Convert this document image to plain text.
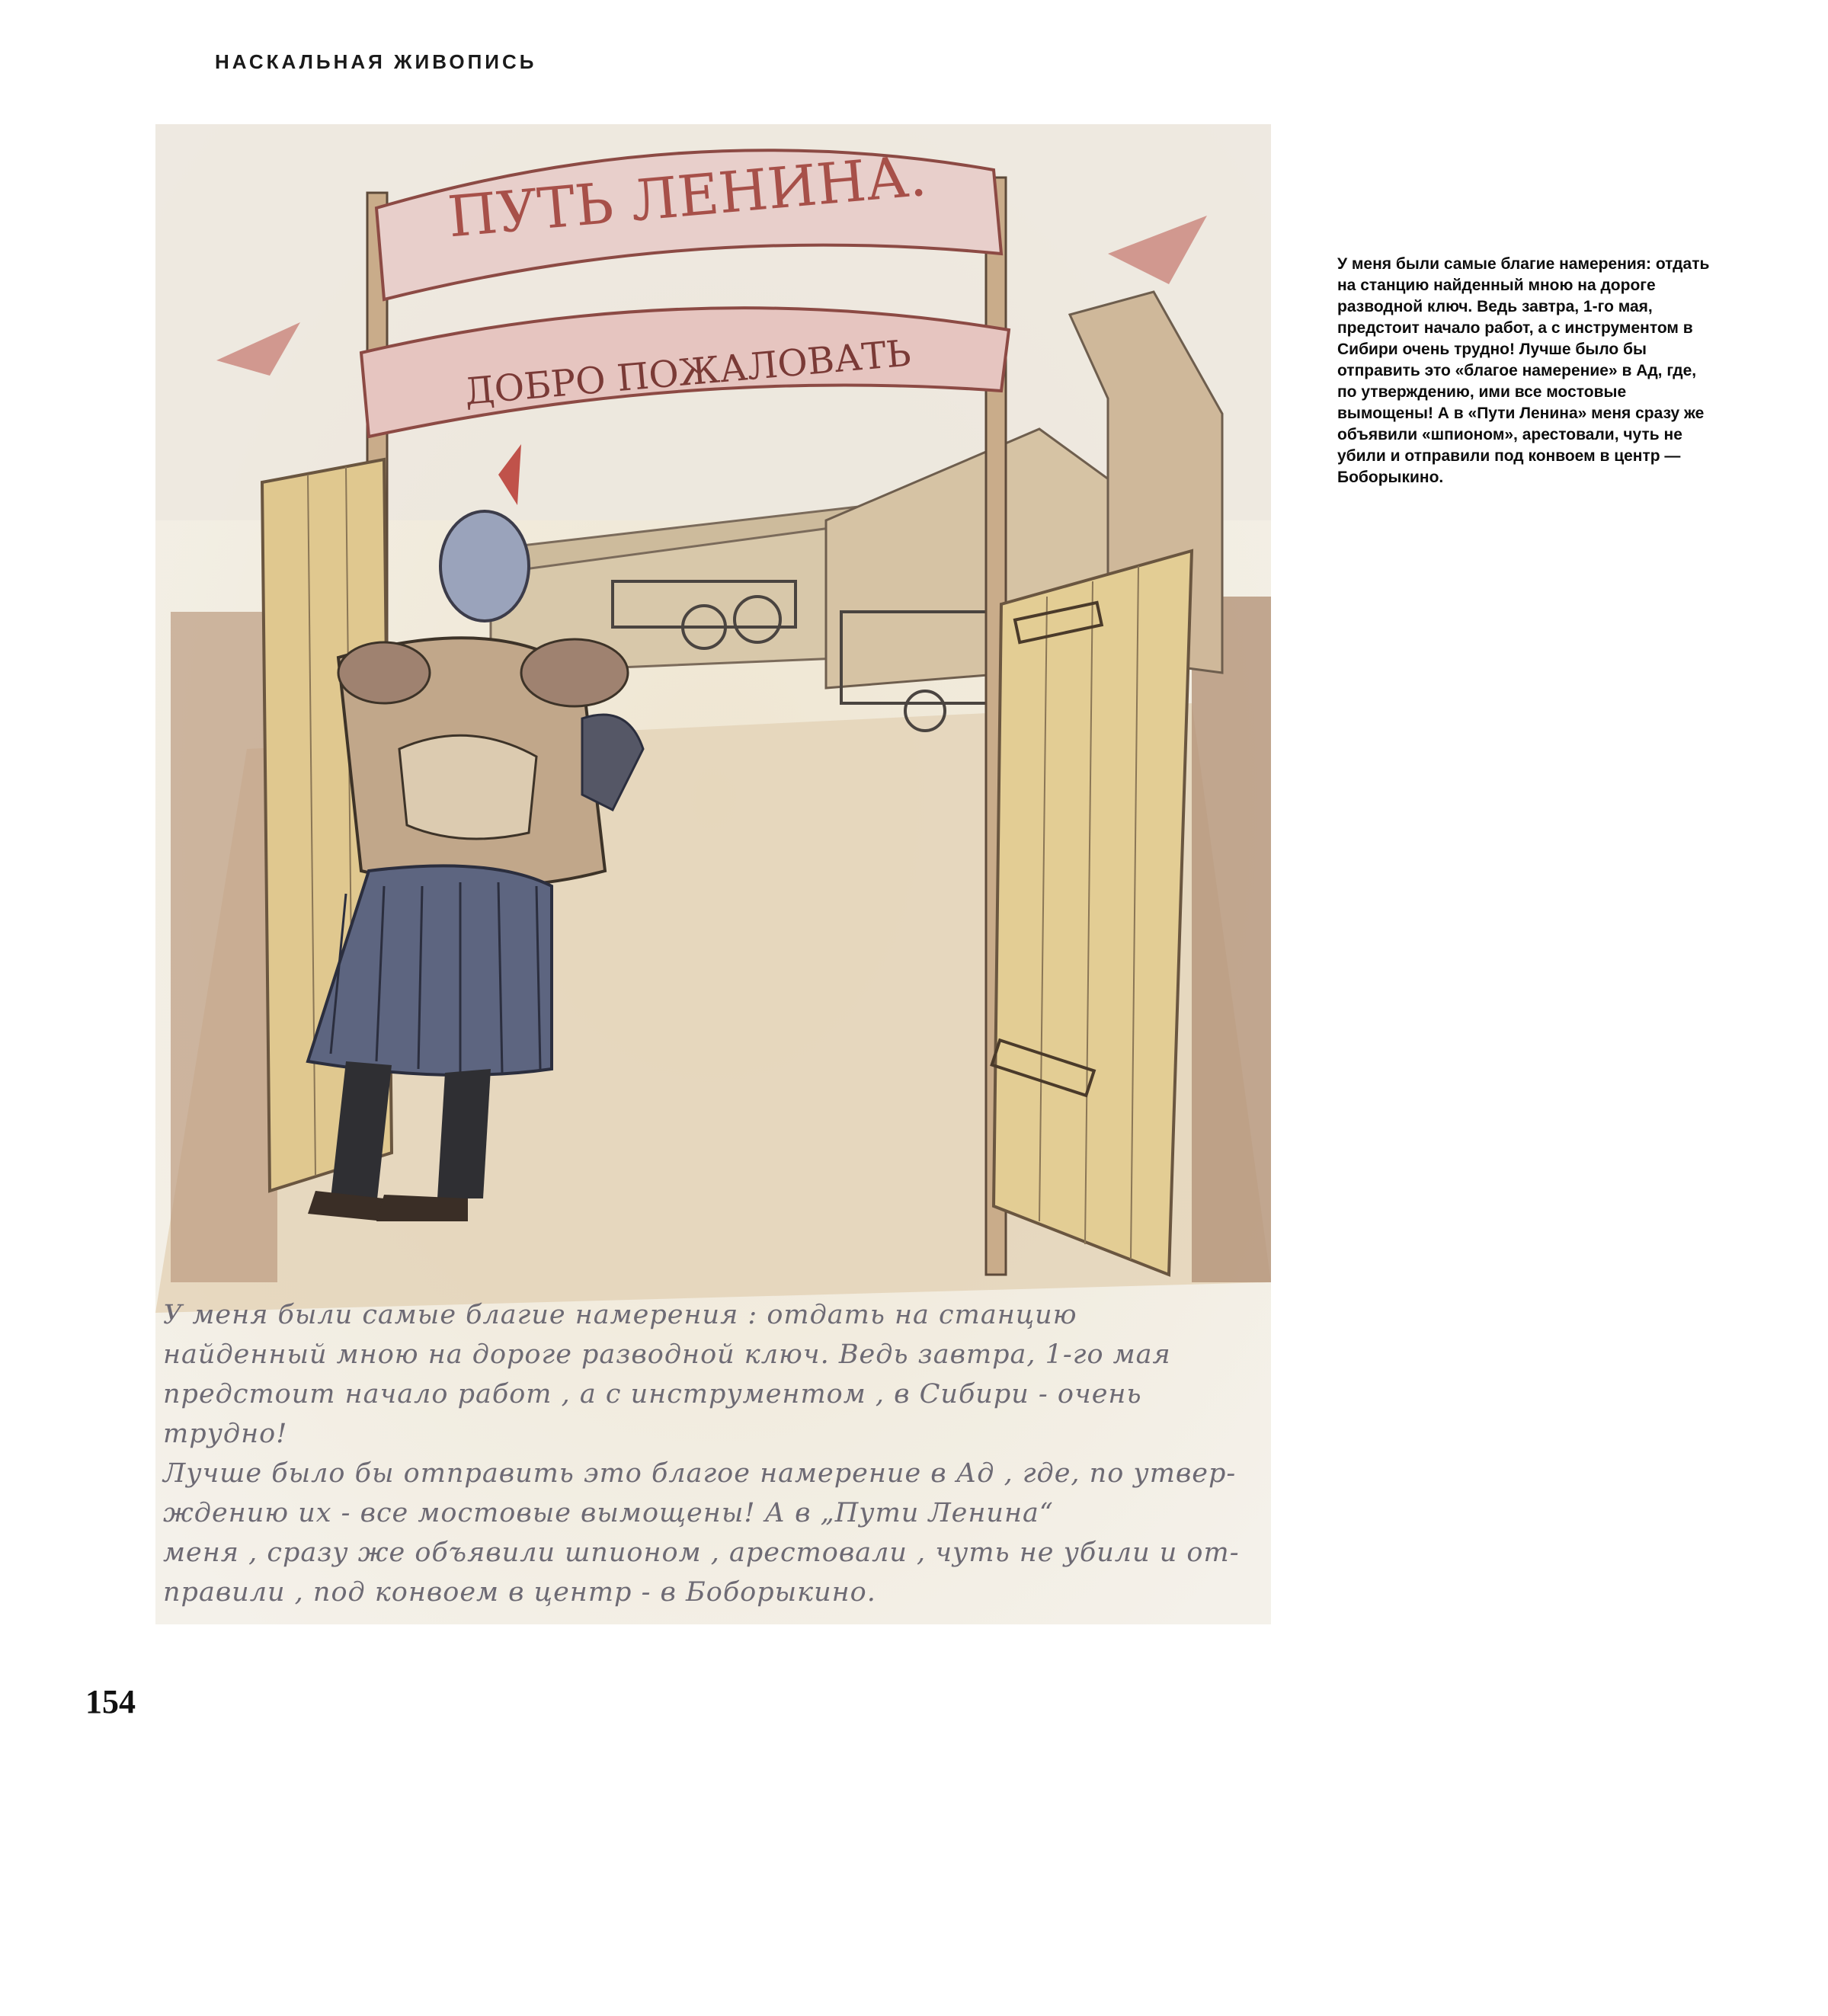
НАСКАЛЬНАЯ ЖИВОПИСЬ
ПУТЬ ЛЕНИНА.
ДОБРО ПОЖАЛОВАТЬ

У меня были самые благие намерения : отдать на станцию
найденный мною на дороге разводной ключ. Ведь завтра, 1-го мая
предстоит начало работ , а с инструментом , в Сибири - очень трудно!
Лучше было бы отправить это благое намерение в Ад , где, по утвер-
ждению их - все мостовые вымощены! А в „Пути Ленина“
меня , сразу же объявили шпионом , арестовали , чуть не убили и от-
правили , под конвоем в центр - в Боборыкино.

У меня были самые благие намерения: отдать на станцию найденный мною на дороге разводной ключ. Ведь завтра, 1-го мая, предстоит начало работ, а с инструментом в Сибири очень трудно! Лучше было бы отправить это «благое намерение» в Ад, где, по утверждению, ими все мостовые вымощены! А в «Пути Ленина» меня сразу же объявили «шпионом», арестовали, чуть не убили и отправили под конвоем в центр — Боборыкино.

154
